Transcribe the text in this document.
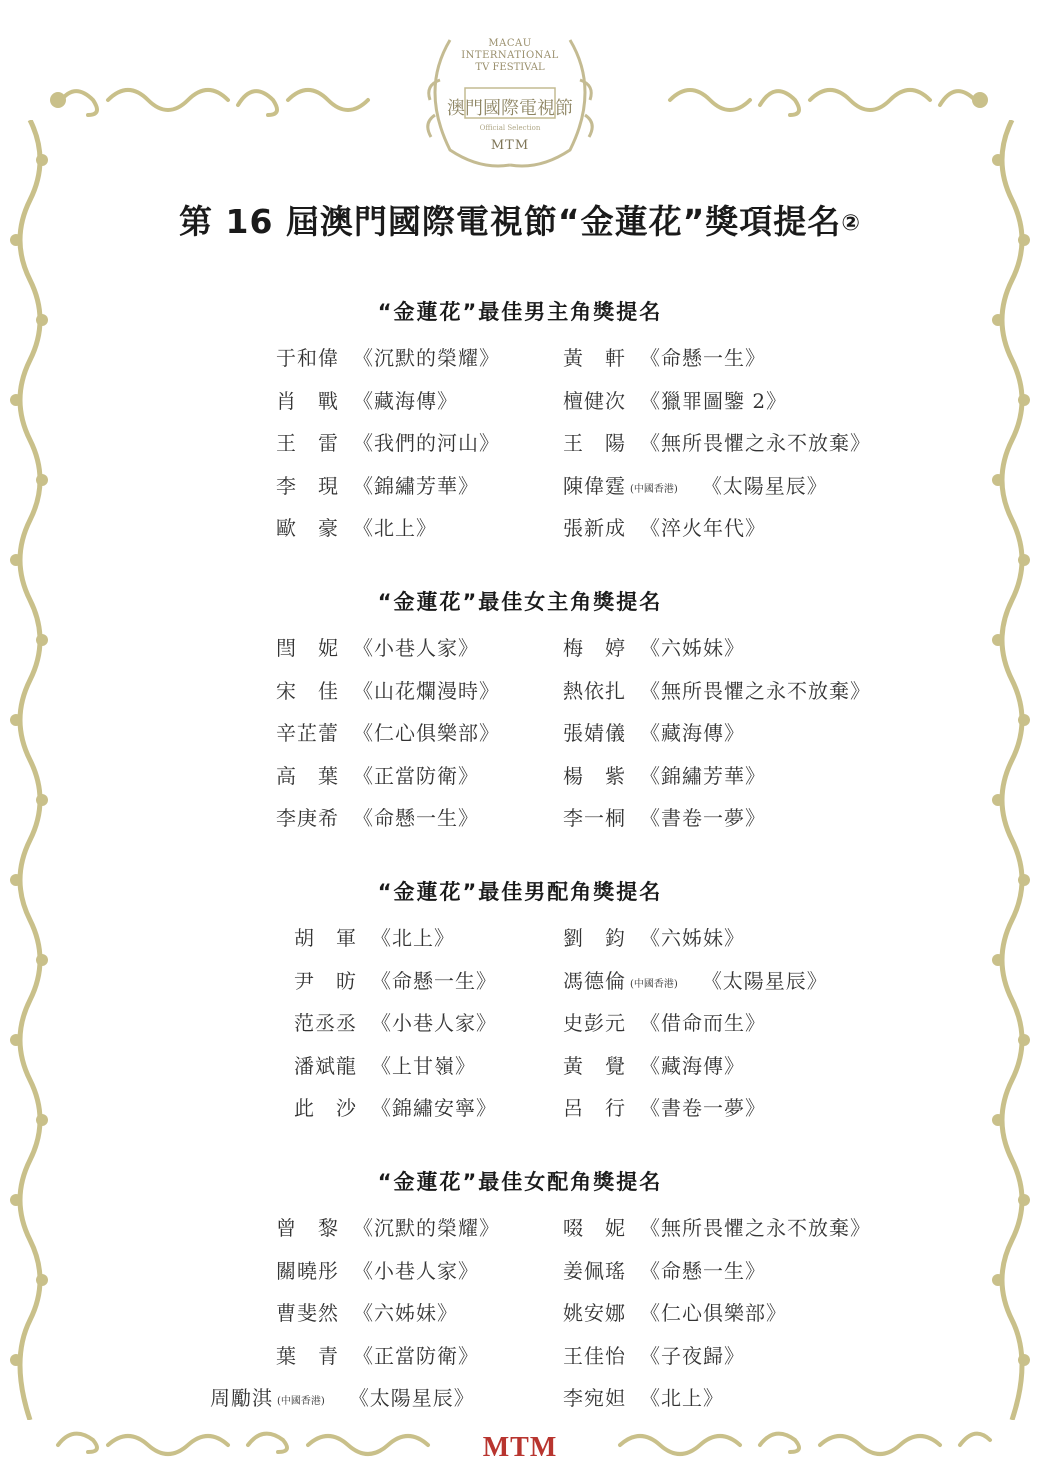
MACAU
INTERNATIONAL
TV FESTIVAL
澳門國際電視節
Official Selection
MTM
第 16 屆澳門國際電視節“金蓮花”獎項提名②
“金蓮花”最佳男主角獎提名
于和偉 《沉默的榮耀》
肖　戰 《藏海傳》
王　雷 《我們的河山》
李　現 《錦繡芳華》
歐　豪 《北上》
黃　軒 《命懸一生》
檀健次 《獵罪圖鑒 2》
王　陽 《無所畏懼之永不放棄》
陳偉霆 (中國香港) 《太陽星辰》
張新成 《淬火年代》
“金蓮花”最佳女主角獎提名
閆　妮 《小巷人家》
宋　佳 《山花爛漫時》
辛芷蕾 《仁心俱樂部》
高　葉 《正當防衛》
李庚希 《命懸一生》
梅　婷 《六姊妹》
熱依扎 《無所畏懼之永不放棄》
張婧儀 《藏海傳》
楊　紫 《錦繡芳華》
李一桐 《書卷一夢》
“金蓮花”最佳男配角獎提名
胡　軍 《北上》
尹　昉 《命懸一生》
范丞丞 《小巷人家》
潘斌龍 《上甘嶺》
此　沙 《錦繡安寧》
劉　鈞 《六姊妹》
馮德倫 (中國香港) 《太陽星辰》
史彭元 《借命而生》
黃　覺 《藏海傳》
呂　行 《書卷一夢》
“金蓮花”最佳女配角獎提名
曾　黎 《沉默的榮耀》
關曉彤 《小巷人家》
曹斐然 《六姊妹》
葉　青 《正當防衛》
周勵淇 (中國香港) 《太陽星辰》
啜　妮 《無所畏懼之永不放棄》
姜佩瑤 《命懸一生》
姚安娜 《仁心俱樂部》
王佳怡 《子夜歸》
李宛妲 《北上》
MTM
